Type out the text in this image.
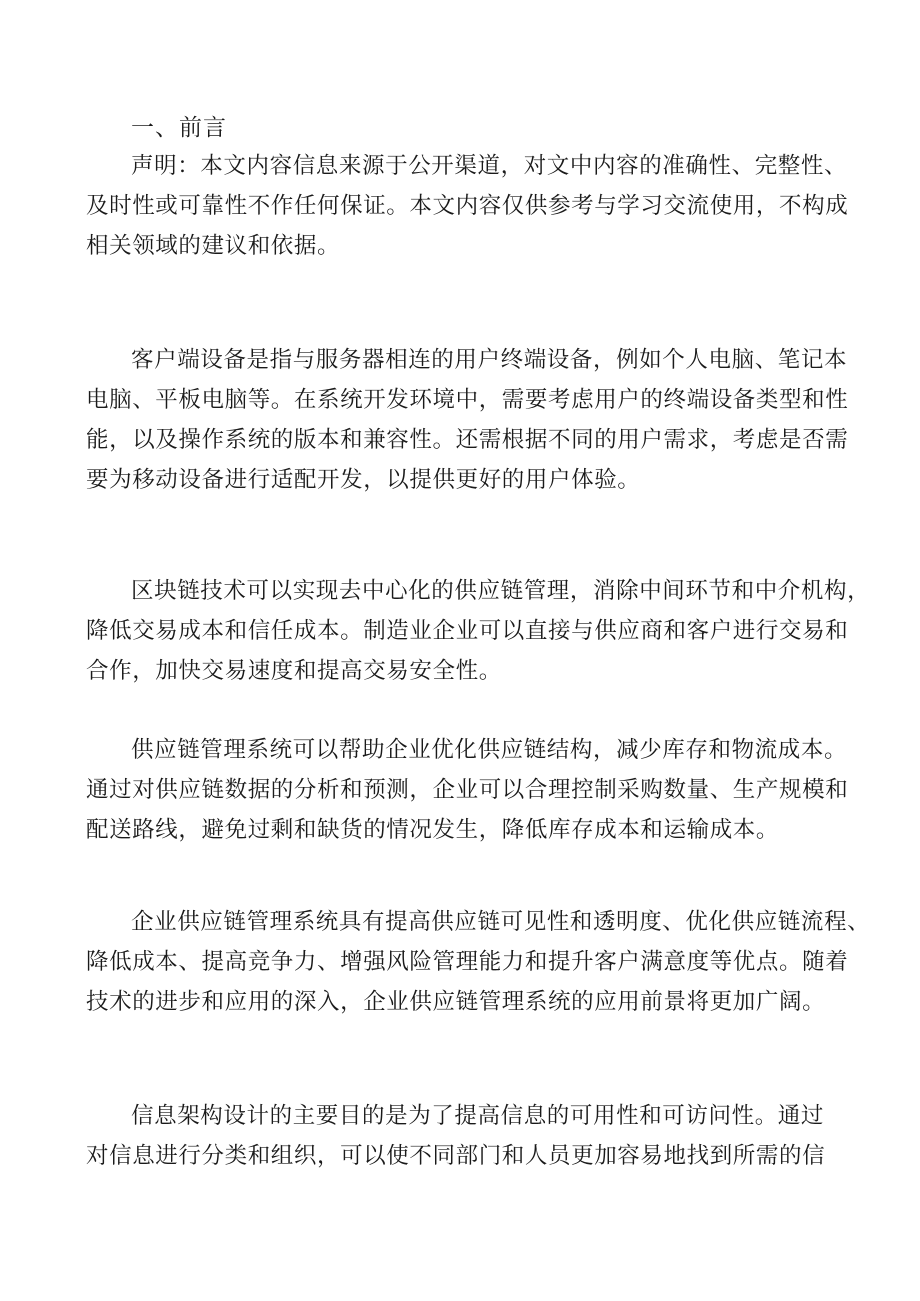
一、前言

声明：本文内容信息来源于公开渠道，对文中内容的准确性、完整性、
及时性或可靠性不作任何保证。本文内容仅供参考与学习交流使用，不构成
相关领域的建议和依据。

客户端设备是指与服务器相连的用户终端设备，例如个人电脑、笔记本
电脑、平板电脑等。在系统开发环境中，需要考虑用户的终端设备类型和性
能，以及操作系统的版本和兼容性。还需根据不同的用户需求，考虑是否需
要为移动设备进行适配开发，以提供更好的用户体验。

区块链技术可以实现去中心化的供应链管理，消除中间环节和中介机构，
降低交易成本和信任成本。制造业企业可以直接与供应商和客户进行交易和
合作，加快交易速度和提高交易安全性。

供应链管理系统可以帮助企业优化供应链结构，减少库存和物流成本。
通过对供应链数据的分析和预测，企业可以合理控制采购数量、生产规模和
配送路线，避免过剩和缺货的情况发生，降低库存成本和运输成本。

企业供应链管理系统具有提高供应链可见性和透明度、优化供应链流程、
降低成本、提高竞争力、增强风险管理能力和提升客户满意度等优点。随着
技术的进步和应用的深入，企业供应链管理系统的应用前景将更加广阔。

信息架构设计的主要目的是为了提高信息的可用性和可访问性。通过
对信息进行分类和组织，可以使不同部门和人员更加容易地找到所需的信
